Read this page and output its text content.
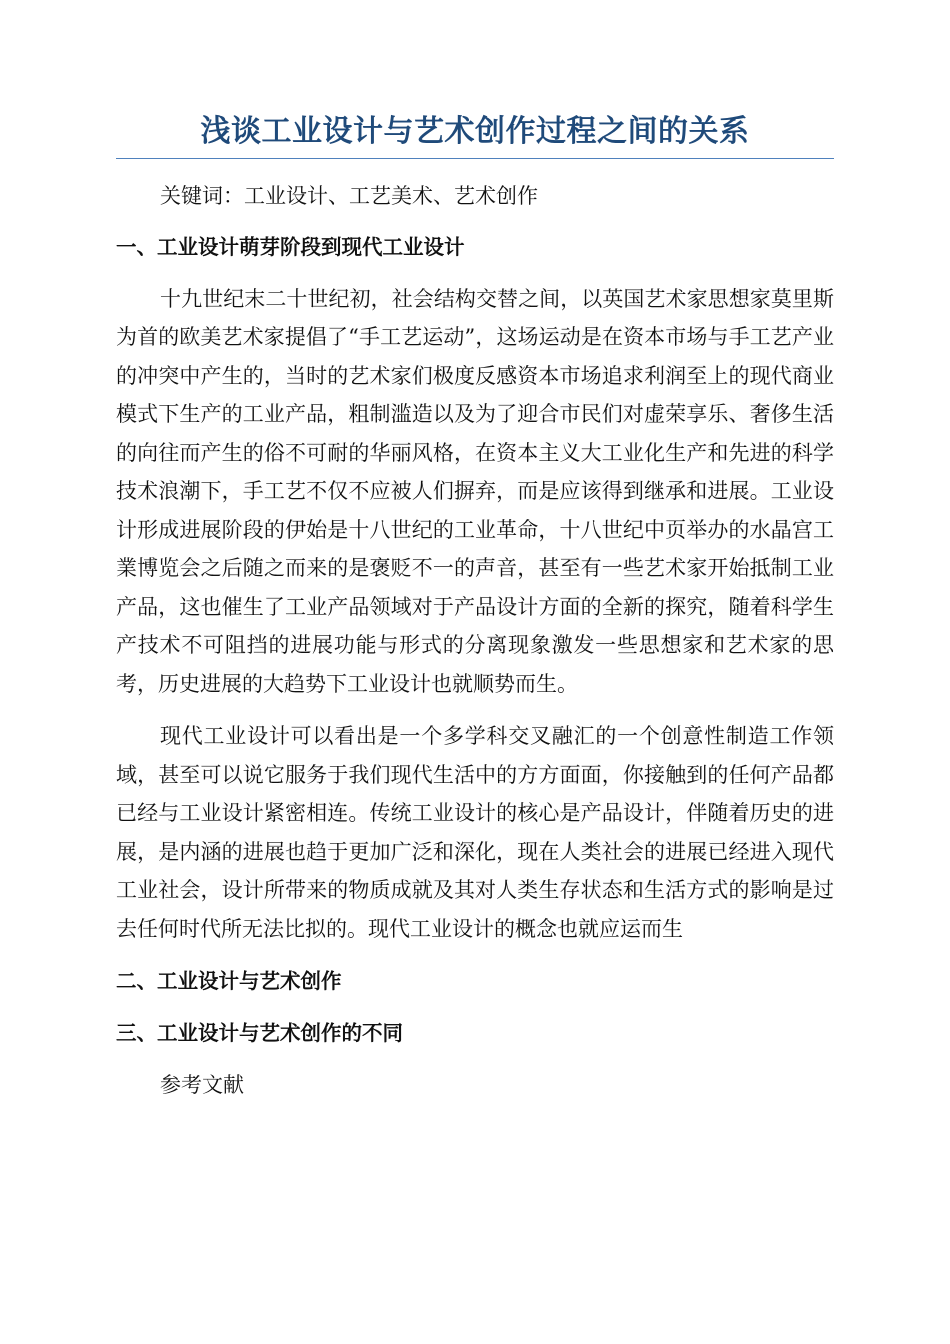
浅谈工业设计与艺术创作过程之间的关系

关键词：工业设计、工艺美术、艺术创作

一、工业设计萌芽阶段到现代工业设计

十九世纪末二十世纪初，社会结构交替之间，以英国艺术家思想家莫里斯为首的欧美艺术家提倡了“手工艺运动”，这场运动是在资本市场与手工艺产业的冲突中产生的，当时的艺术家们极度反感资本市场追求利润至上的现代商业模式下生产的工业产品，粗制滥造以及为了迎合市民们对虚荣享乐、奢侈生活的向往而产生的俗不可耐的华丽风格，在资本主义大工业化生产和先进的科学技术浪潮下，手工艺不仅不应被人们摒弃，而是应该得到继承和进展。工业设计形成进展阶段的伊始是十八世纪的工业革命，十八世纪中页举办的水晶宫工業博览会之后随之而来的是褒贬不一的声音，甚至有一些艺术家开始抵制工业产品，这也催生了工业产品领域对于产品设计方面的全新的探究，随着科学生产技术不可阻挡的进展功能与形式的分离现象激发一些思想家和艺术家的思考，历史进展的大趋势下工业设计也就顺势而生。

现代工业设计可以看出是一个多学科交叉融汇的一个创意性制造工作领域，甚至可以说它服务于我们现代生活中的方方面面，你接触到的任何产品都已经与工业设计紧密相连。传统工业设计的核心是产品设计，伴随着历史的进展，是内涵的进展也趋于更加广泛和深化，现在人类社会的进展已经进入现代工业社会，设计所带来的物质成就及其对人类生存状态和生活方式的影响是过去任何时代所无法比拟的。现代工业设计的概念也就应运而生

二、工业设计与艺术创作
三、工业设计与艺术创作的不同

参考文献
